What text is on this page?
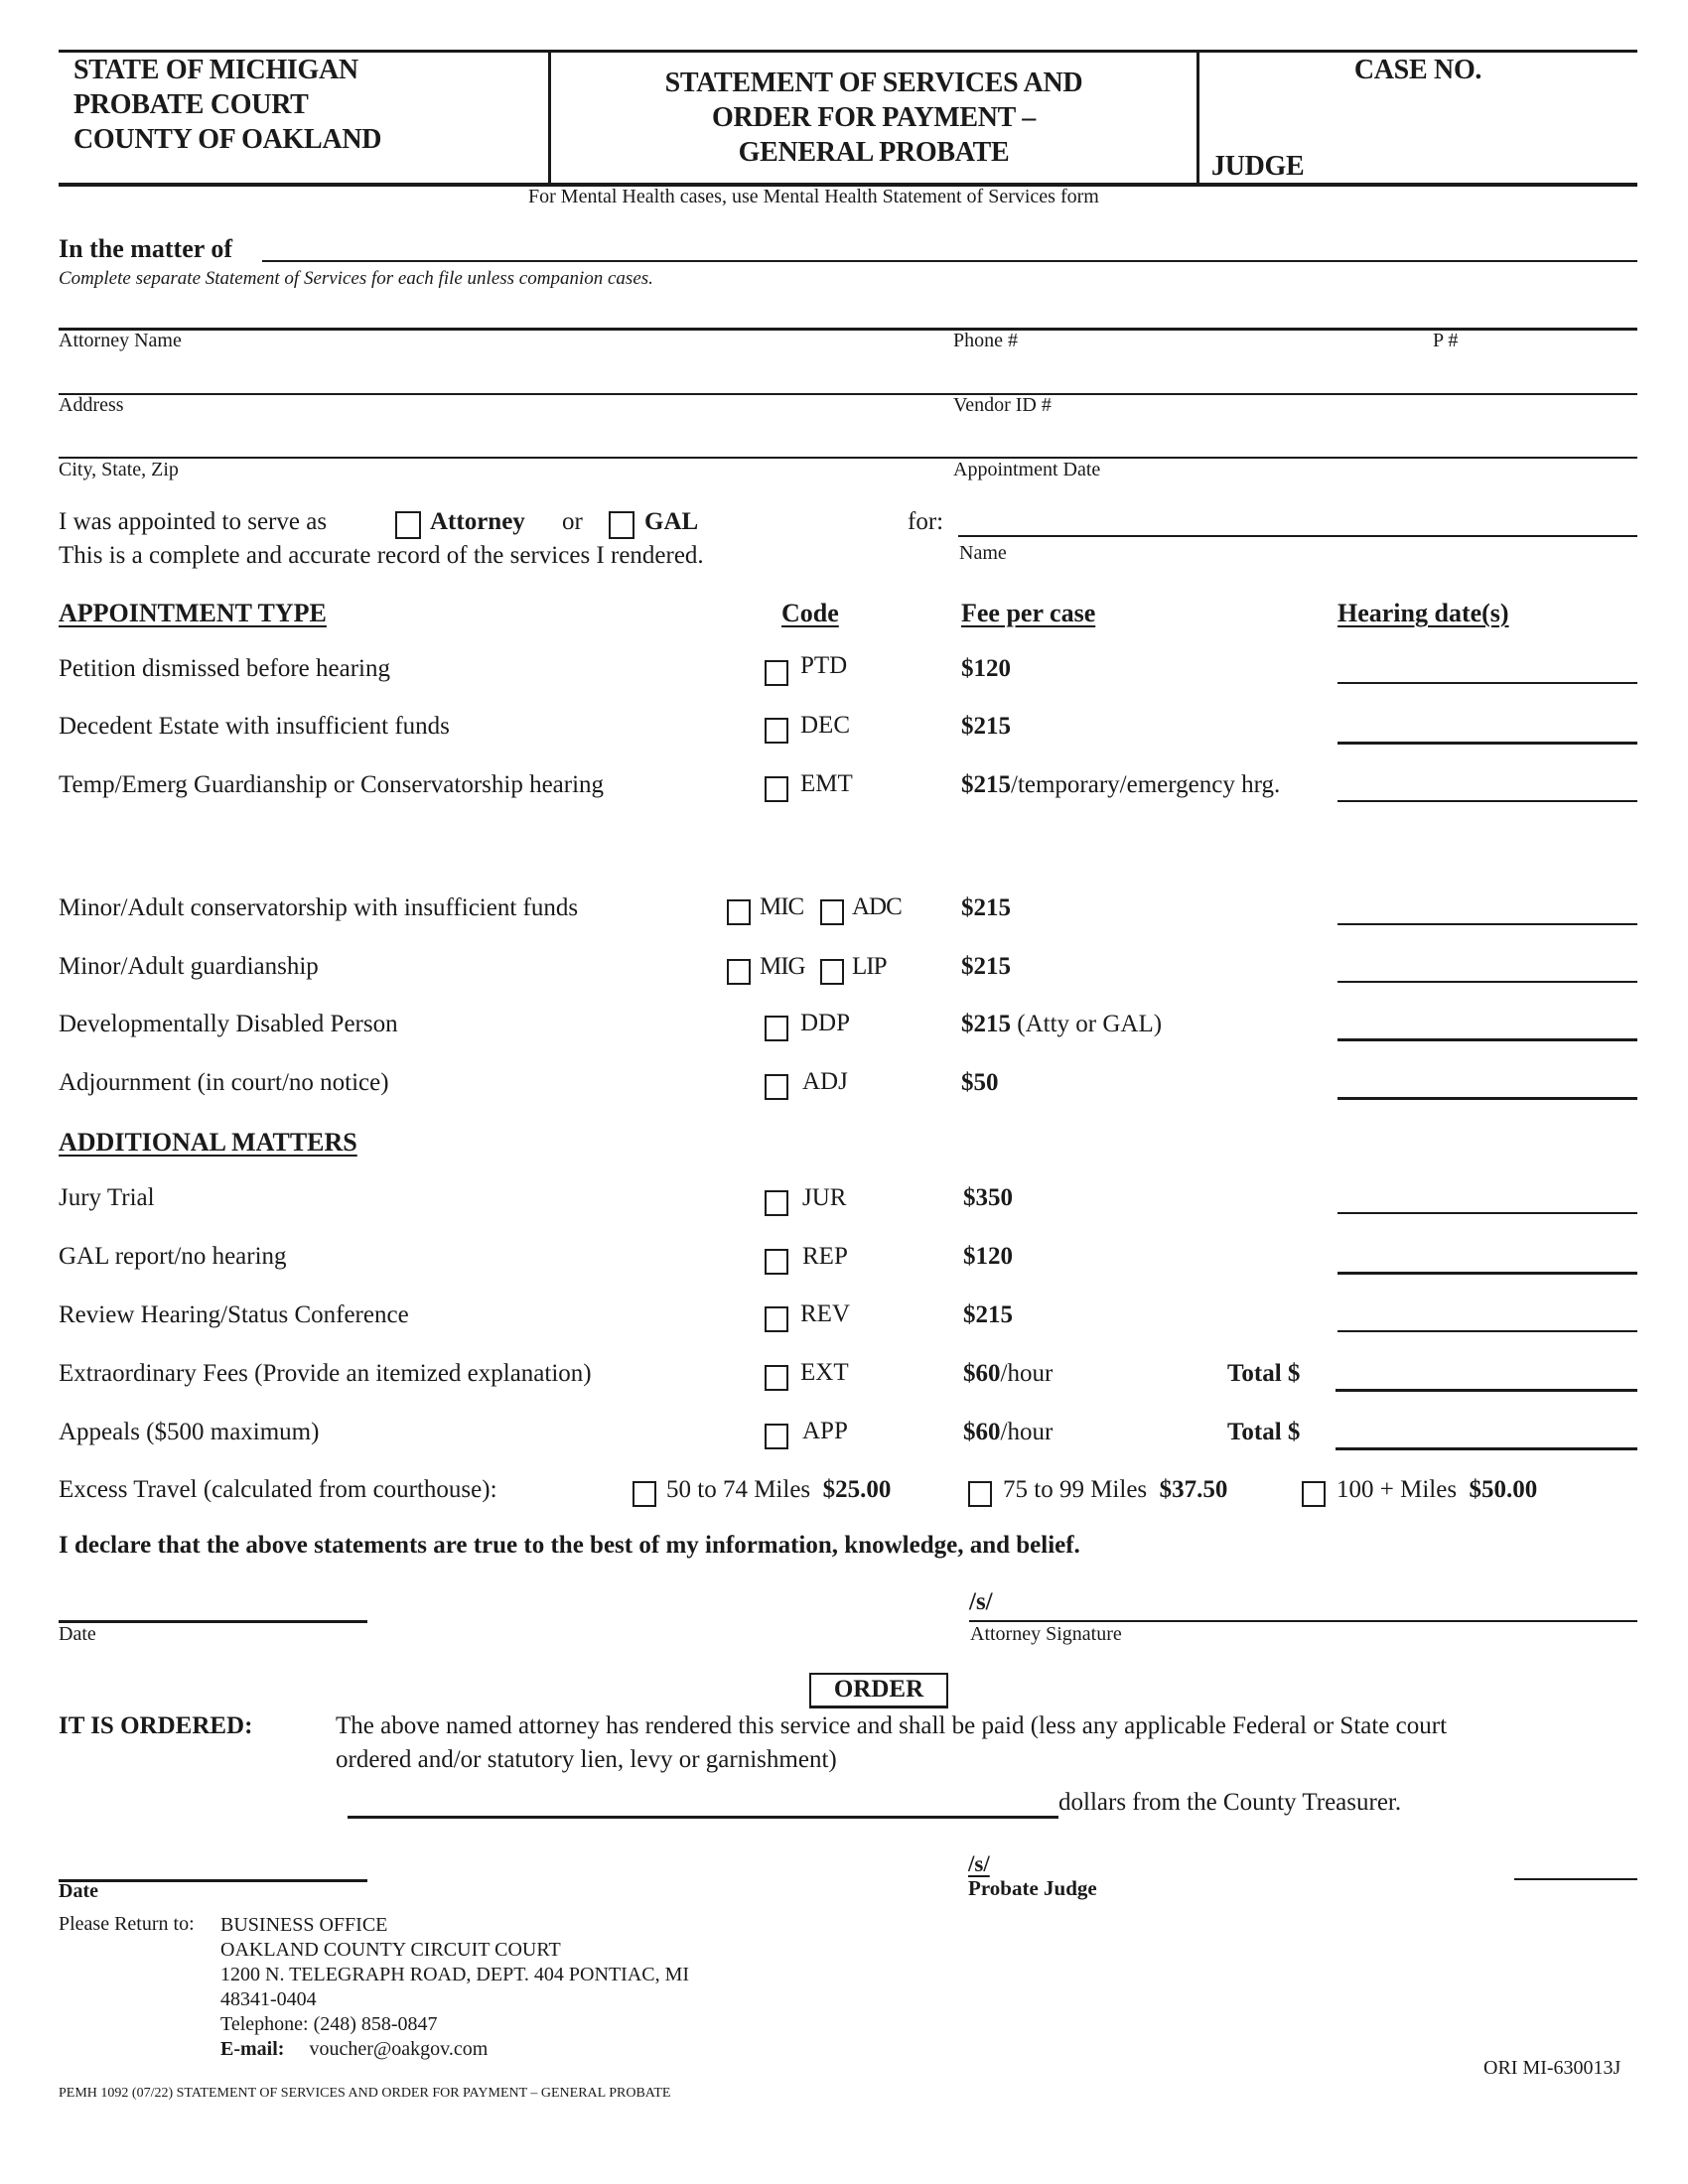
STATE OF MICHIGAN
PROBATE COURT
COUNTY OF OAKLAND
STATEMENT OF SERVICES AND
ORDER FOR PAYMENT –
GENERAL PROBATE
CASE NO.
JUDGE
For Mental Health cases, use Mental Health Statement of Services form
In the matter of
Complete separate Statement of Services for each file unless companion cases.
Attorney Name	Phone #	P #
Address	Vendor ID #
City, State, Zip	Appointment Date
I was appointed to serve as	Attorney or GAL	for:
Name
This is a complete and accurate record of the services I rendered.
APPOINTMENT TYPE	Code	Fee per case	Hearing date(s)
Petition dismissed before hearing	PTD	$120
Decedent Estate with insufficient funds	DEC	$215
Temp/Emerg Guardianship or Conservatorship hearing	EMT	$215/temporary/emergency hrg.
Minor/Adult conservatorship with insufficient funds	MIC ADC $215
Minor/Adult guardianship	MIG LIP	$215
Developmentally Disabled Person	DDP	$215 (Atty or GAL)
Adjournment (in court/no notice)	ADJ	$50
ADDITIONAL MATTERS
Jury Trial	JUR	$350
GAL report/no hearing	REP	$120
Review Hearing/Status Conference	REV	$215
Extraordinary Fees (Provide an itemized explanation)	EXT	$60/hour	Total $
Appeals ($500 maximum)	APP	$60/hour	Total $
Excess Travel (calculated from courthouse):	50 to 74 Miles $25.00	75 to 99 Miles $37.50	100 + Miles $50.00
I declare that the above statements are true to the best of my information, knowledge, and belief.
Date
/s/
Attorney Signature
ORDER
IT IS ORDERED:	The above named attorney has rendered this service and shall be paid (less any applicable Federal or State court
ordered and/or statutory lien, levy or garnishment)
dollars from the County Treasurer.
Date
/s/
Probate Judge
Please Return to: BUSINESS OFFICE
OAKLAND COUNTY CIRCUIT COURT
1200 N. TELEGRAPH ROAD, DEPT. 404 PONTIAC, MI
48341-0404
Telephone: (248) 858-0847
E-mail: voucher@oakgov.com
ORI MI-630013J
PEMH 1092 (07/22) STATEMENT OF SERVICES AND ORDER FOR PAYMENT – GENERAL PROBATE
